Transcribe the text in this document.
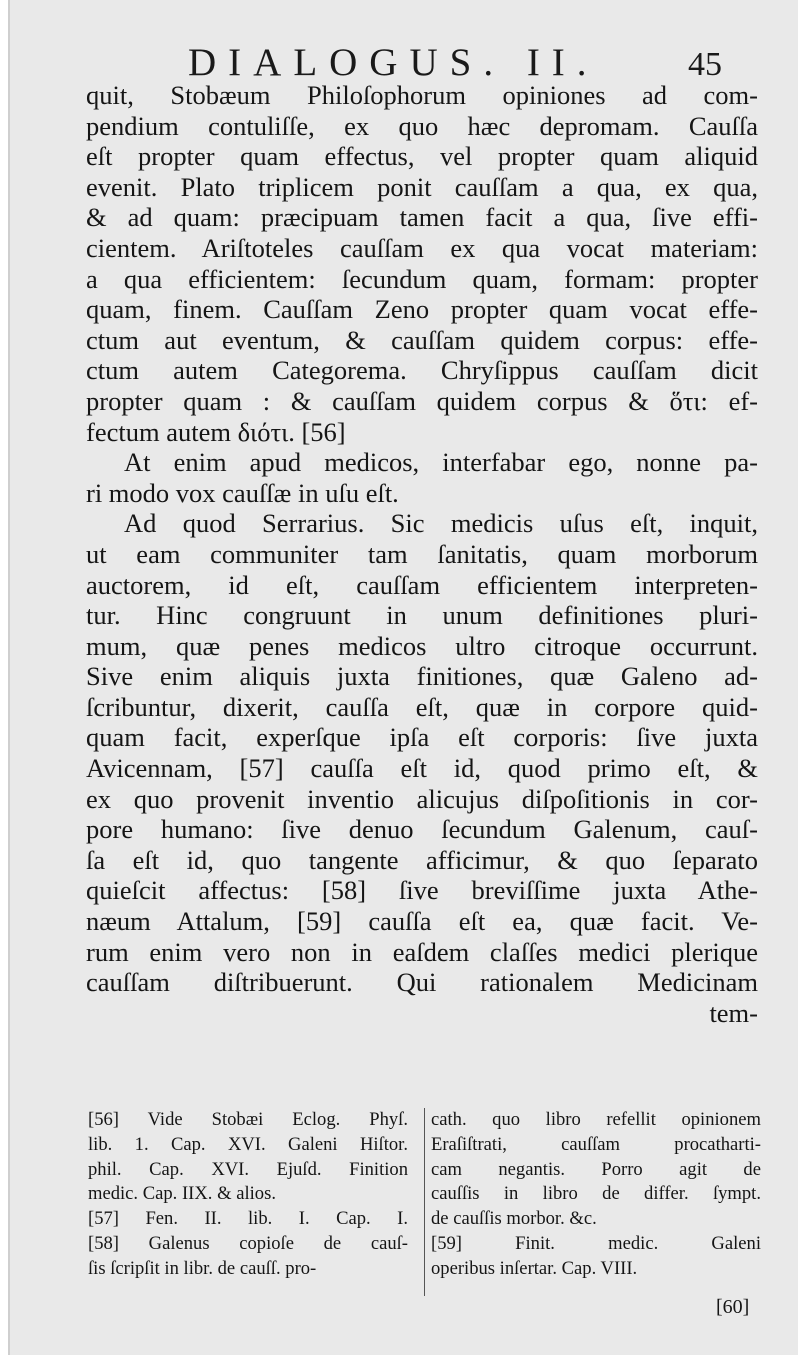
DIALOGUS. II.	45
quit, Stobæum Philoſophorum opiniones ad com-
pendium contuliſſe, ex quo hæc depromam. Cauſſa
eſt propter quam effectus, vel propter quam aliquid
evenit. Plato triplicem ponit cauſſam a qua, ex qua,
& ad quam: præcipuam tamen facit a qua, ſive effi-
cientem. Ariſtoteles cauſſam ex qua vocat materiam:
a qua efficientem: ſecundum quam, formam: propter
quam, finem. Cauſſam Zeno propter quam vocat effe-
ctum aut eventum, & cauſſam quidem corpus: effe-
ctum autem Categorema. Chryſippus cauſſam dicit
propter quam : & cauſſam quidem corpus & ὅτι: ef-
fectum autem διότι. [56]
At enim apud medicos, interfabar ego, nonne pa-
ri modo vox cauſſæ in uſu eſt.
Ad quod Serrarius. Sic medicis uſus eſt, inquit,
ut eam communiter tam ſanitatis, quam morborum
auctorem, id eſt, cauſſam efficientem interpreten-
tur. Hinc congruunt in unum definitiones pluri-
mum, quæ penes medicos ultro citroque occurrunt.
Sive enim aliquis juxta finitiones, quæ Galeno ad-
ſcribuntur, dixerit, cauſſa eſt, quæ in corpore quid-
quam facit, experſque ipſa eſt corporis: ſive juxta
Avicennam, [57] cauſſa eſt id, quod primo eſt, &
ex quo provenit inventio alicujus diſpoſitionis in cor-
pore humano: ſive denuo ſecundum Galenum, cauſ-
ſa eſt id, quo tangente afficimur, & quo ſeparato
quieſcit affectus: [58] ſive breviſſime juxta Athe-
næum Attalum, [59] cauſſa eſt ea, quæ facit. Ve-
rum enim vero non in eaſdem claſſes medici plerique
cauſſam diſtribuerunt. Qui rationalem Medicinam
tem-
[56] Vide Stobæi Eclog. Phyſ.
lib. 1. Cap. XVI. Galeni Hiſtor.
phil. Cap. XVI. Ejuſd. Finition
medic. Cap. IIX. & alios.
[57] Fen. II. lib. I. Cap. I.
[58] Galenus copioſe de cauſ-
ſis ſcripſit in libr. de cauſſ. pro-
cath. quo libro refellit opinionem
Eraſiſtrati, cauſſam procatharti-
cam negantis. Porro agit de
cauſſis in libro de differ. ſympt.
de cauſſis morbor. &c.
[59] Finit. medic. Galeni
operibus inſertar. Cap. VIII.
[60]
